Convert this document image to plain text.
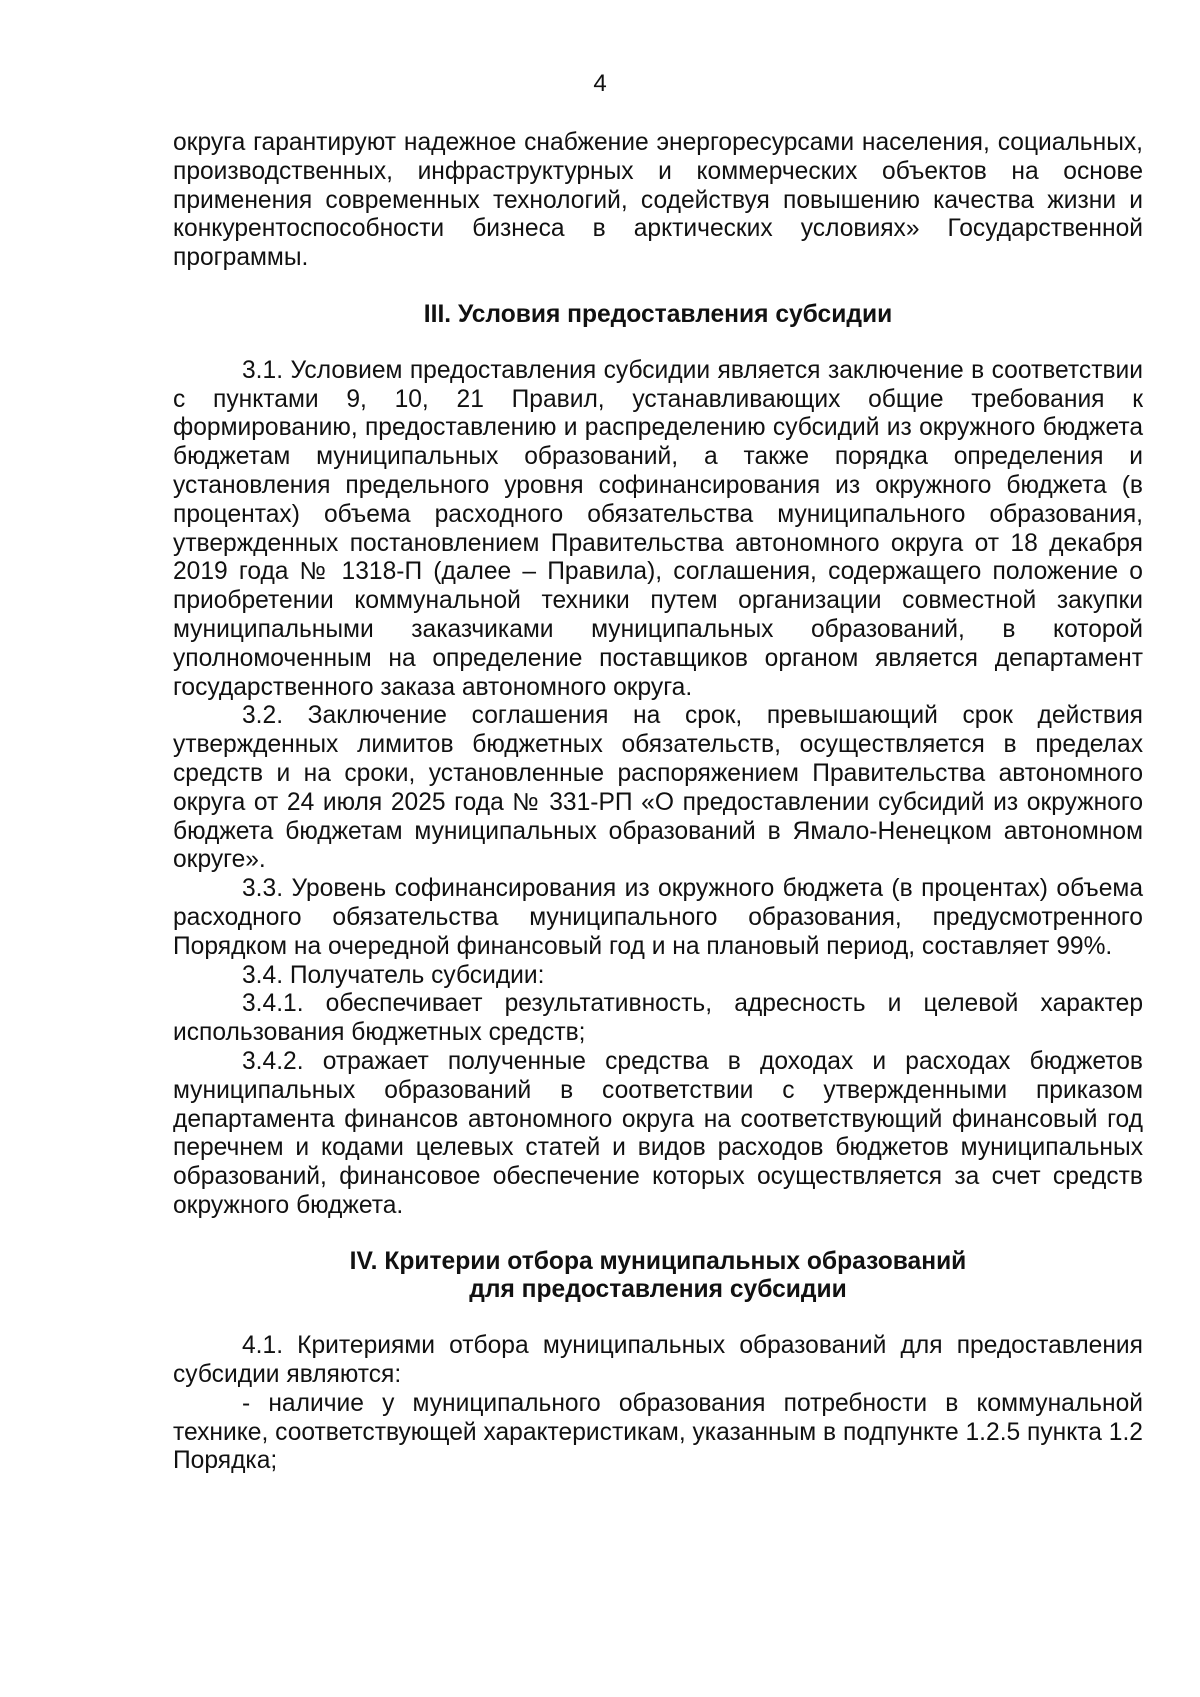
4

округа гарантируют надежное снабжение энергоресурсами населения, социальных, производственных, инфраструктурных и коммерческих объектов на основе применения современных технологий, содействуя повышению качества жизни и конкурентоспособности бизнеса в арктических условиях» Государственной программы.

III. Условия предоставления субсидии

3.1. Условием предоставления субсидии является заключение в соответствии с пунктами 9, 10, 21 Правил, устанавливающих общие требования к формированию, предоставлению и распределению субсидий из окружного бюджета бюджетам муниципальных образований, а также порядка определения и установления предельного уровня софинансирования из окружного бюджета (в процентах) объема расходного обязательства муниципального образования, утвержденных постановлением Правительства автономного округа от 18 декабря 2019 года № 1318-П (далее – Правила), соглашения, содержащего положение о приобретении коммунальной техники путем организации совместной закупки муниципальными заказчиками муниципальных образований, в которой уполномоченным на определение поставщиков органом является департамент государственного заказа автономного округа.

3.2. Заключение соглашения на срок, превышающий срок действия утвержденных лимитов бюджетных обязательств, осуществляется в пределах средств и на сроки, установленные распоряжением Правительства автономного округа от 24 июля 2025 года № 331-РП «О предоставлении субсидий из окружного бюджета бюджетам муниципальных образований в Ямало-Ненецком автономном округе».

3.3. Уровень софинансирования из окружного бюджета (в процентах) объема расходного обязательства муниципального образования, предусмотренного Порядком на очередной финансовый год и на плановый период, составляет 99%.

3.4. Получатель субсидии:

3.4.1. обеспечивает результативность, адресность и целевой характер использования бюджетных средств;

3.4.2. отражает полученные средства в доходах и расходах бюджетов муниципальных образований в соответствии с утвержденными приказом департамента финансов автономного округа на соответствующий финансовый год перечнем и кодами целевых статей и видов расходов бюджетов муниципальных образований, финансовое обеспечение которых осуществляется за счет средств окружного бюджета.

IV. Критерии отбора муниципальных образований
для предоставления субсидии

4.1. Критериями отбора муниципальных образований для предоставления субсидии являются:

- наличие у муниципального образования потребности в коммунальной технике, соответствующей характеристикам, указанным в подпункте 1.2.5 пункта 1.2 Порядка;
